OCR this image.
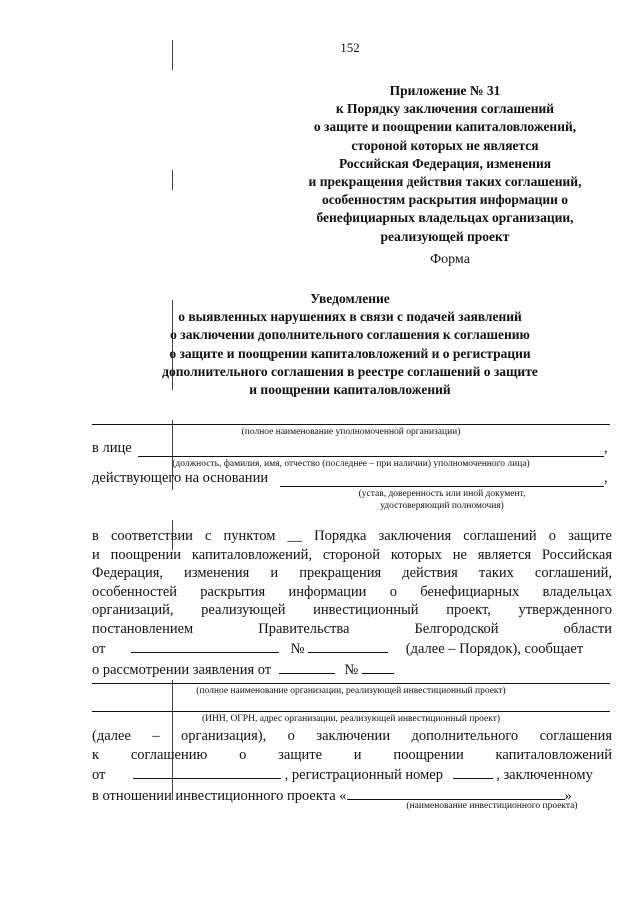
152
Приложение № 31
к Порядку заключения соглашений
о защите и поощрении капиталовложений,
стороной которых не является
Российская Федерация, изменения
и прекращения действия таких соглашений,
особенностям раскрытия информации о
бенефициарных владельцах организации,
реализующей проект
Форма
Уведомление
о выявленных нарушениях в связи с подачей заявлений
о заключении дополнительного соглашения к соглашению
о защите и поощрении капиталовложений и о регистрации
дополнительного соглашения в реестре соглашений о защите
и поощрении капиталовложений
(полное наименование уполномоченной организации)
в лице	,
(должность, фамилия, имя, отчество (последнее – при наличии) уполномоченного лица)
действующего на основании	,
(устав, доверенность или иной документ,
удостоверяющий полномочия)
в соответствии с пунктом __ Порядка заключения соглашений о защите
и поощрении капиталовложений, стороной которых не является Российская
Федерация, изменения и прекращения действия таких соглашений,
особенностей раскрытия информации о бенефициарных владельцах
организаций, реализующей инвестиционный проект, утвержденного
постановлением Правительства Белгородской области
от	№	(далее – Порядок), сообщает
о рассмотрении заявления от	№
(полное наименование организации, реализующей инвестиционный проект)
(ИНН, ОГРН, адрес организации, реализующей инвестиционный проект)
(далее – организация), о заключении дополнительного соглашения
к соглашению о защите и поощрении капиталовложений
от	, регистрационный номер	, заключенному
в отношении инвестиционного проекта «	»
(наименование инвестиционного проекта)
